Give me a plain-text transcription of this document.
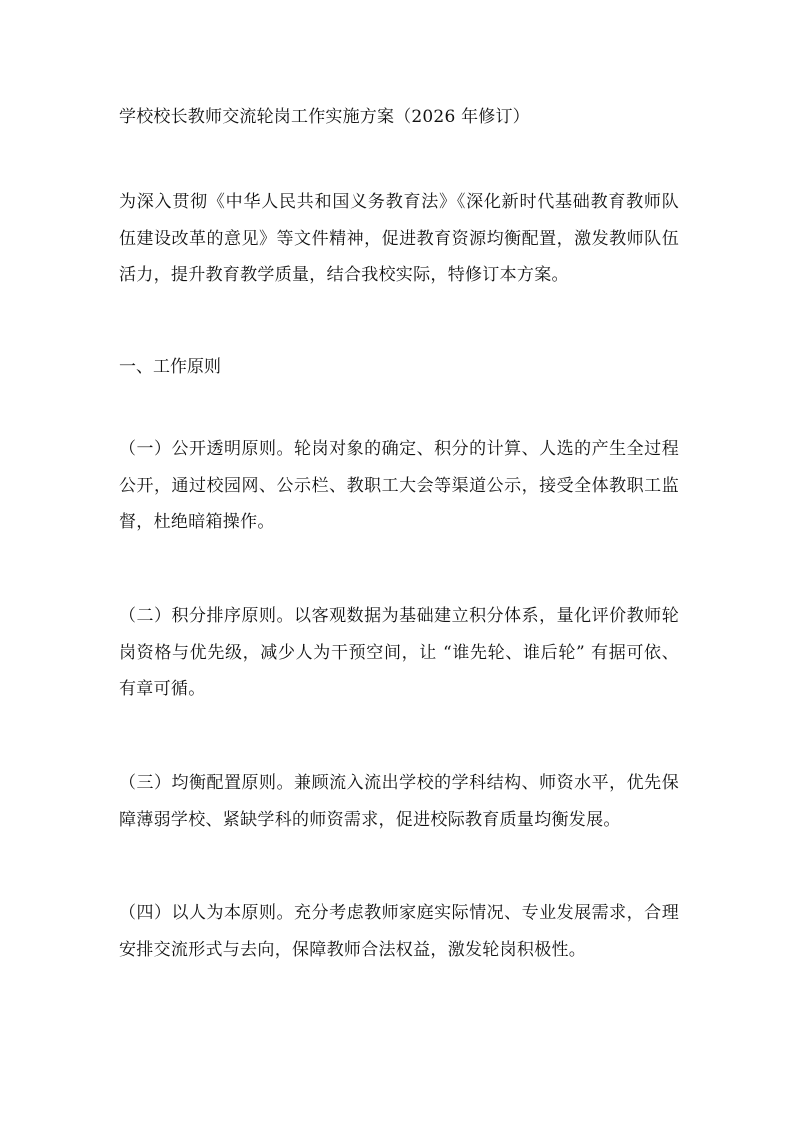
学校校长教师交流轮岗工作实施方案（2026 年修订）

为深入贯彻《中华人民共和国义务教育法》《深化新时代基础教育教师队伍建设改革的意见》等文件精神，促进教育资源均衡配置，激发教师队伍活力，提升教育教学质量，结合我校实际，特修订本方案。

一、工作原则

（一）公开透明原则。轮岗对象的确定、积分的计算、人选的产生全过程公开，通过校园网、公示栏、教职工大会等渠道公示，接受全体教职工监督，杜绝暗箱操作。

（二）积分排序原则。以客观数据为基础建立积分体系，量化评价教师轮岗资格与优先级，减少人为干预空间，让 “谁先轮、谁后轮” 有据可依、有章可循。

（三）均衡配置原则。兼顾流入流出学校的学科结构、师资水平，优先保障薄弱学校、紧缺学科的师资需求，促进校际教育质量均衡发展。

（四）以人为本原则。充分考虑教师家庭实际情况、专业发展需求，合理安排交流形式与去向，保障教师合法权益，激发轮岗积极性。
